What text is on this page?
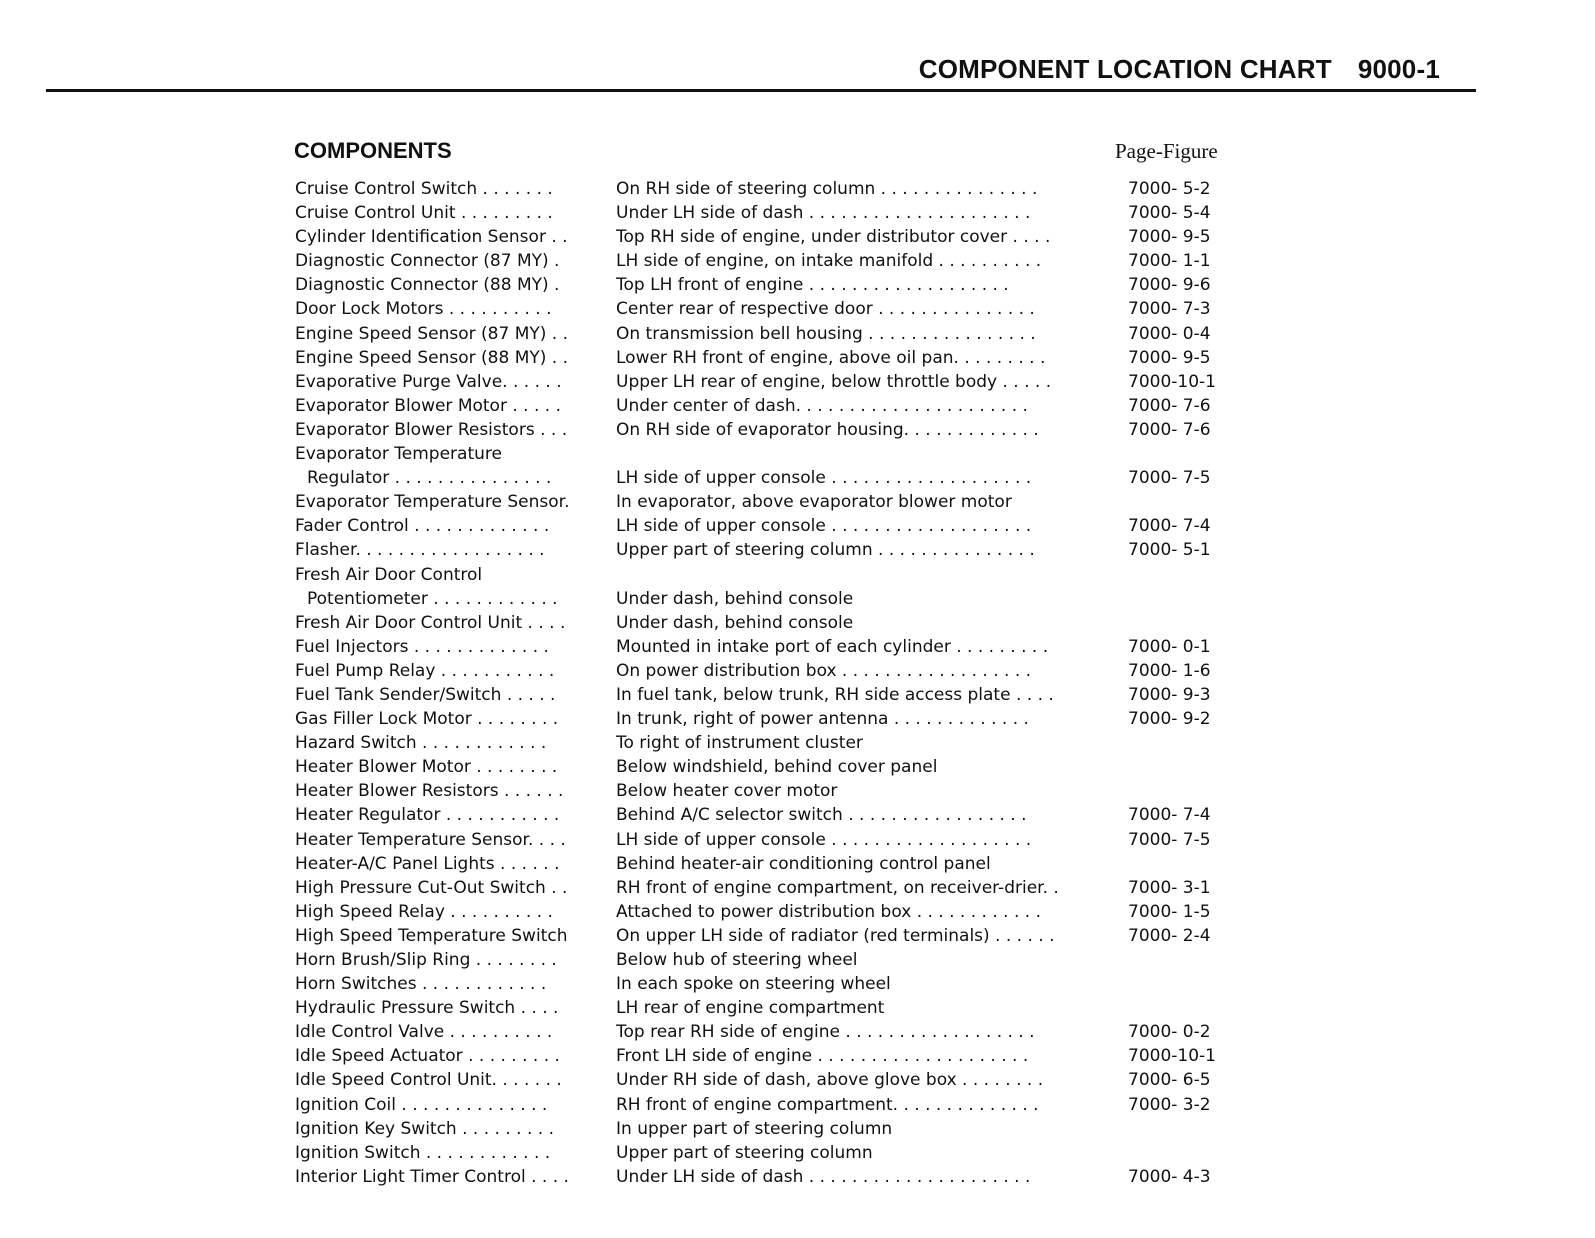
COMPONENT LOCATION CHART 9000-1
COMPONENTS	Page-Figure
Cruise Control Switch . . . . . . .	On RH side of steering column . . . . . . . . . . . . . . .	7000- 5-2
Cruise Control Unit . . . . . . . . .	Under LH side of dash . . . . . . . . . . . . . . . . . . . . .	7000- 5-4
Cylinder Identification Sensor . .	Top RH side of engine, under distributor cover . . . .	7000- 9-5
Diagnostic Connector (87 MY) .	LH side of engine, on intake manifold . . . . . . . . . .	7000- 1-1
Diagnostic Connector (88 MY) .	Top LH front of engine . . . . . . . . . . . . . . . . . . .	7000- 9-6
Door Lock Motors . . . . . . . . . .	Center rear of respective door . . . . . . . . . . . . . . .	7000- 7-3
Engine Speed Sensor (87 MY) . .	On transmission bell housing . . . . . . . . . . . . . . . .	7000- 0-4
Engine Speed Sensor (88 MY) . .	Lower RH front of engine, above oil pan. . . . . . . . .	7000- 9-5
Evaporative Purge Valve. . . . . .	Upper LH rear of engine, below throttle body . . . . .	7000-10-1
Evaporator Blower Motor . . . . .	Under center of dash. . . . . . . . . . . . . . . . . . . . . .	7000- 7-6
Evaporator Blower Resistors . . .	On RH side of evaporator housing. . . . . . . . . . . . .	7000- 7-6
Evaporator Temperature
Regulator . . . . . . . . . . . . . . .	LH side of upper console . . . . . . . . . . . . . . . . . . .	7000- 7-5
Evaporator Temperature Sensor.	In evaporator, above evaporator blower motor
Fader Control . . . . . . . . . . . . .	LH side of upper console . . . . . . . . . . . . . . . . . . .	7000- 7-4
Flasher. . . . . . . . . . . . . . . . . .	Upper part of steering column . . . . . . . . . . . . . . .	7000- 5-1
Fresh Air Door Control
Potentiometer . . . . . . . . . . . .	Under dash, behind console
Fresh Air Door Control Unit . . . .	Under dash, behind console
Fuel Injectors . . . . . . . . . . . . .	Mounted in intake port of each cylinder . . . . . . . . .	7000- 0-1
Fuel Pump Relay . . . . . . . . . . .	On power distribution box . . . . . . . . . . . . . . . . . .	7000- 1-6
Fuel Tank Sender/Switch . . . . .	In fuel tank, below trunk, RH side access plate . . . .	7000- 9-3
Gas Filler Lock Motor . . . . . . . .	In trunk, right of power antenna . . . . . . . . . . . . .	7000- 9-2
Hazard Switch . . . . . . . . . . . .	To right of instrument cluster
Heater Blower Motor . . . . . . . .	Below windshield, behind cover panel
Heater Blower Resistors . . . . . .	Below heater cover motor
Heater Regulator . . . . . . . . . . .	Behind A/C selector switch . . . . . . . . . . . . . . . . .	7000- 7-4
Heater Temperature Sensor. . . .	LH side of upper console . . . . . . . . . . . . . . . . . . .	7000- 7-5
Heater-A/C Panel Lights . . . . . .	Behind heater-air conditioning control panel
High Pressure Cut-Out Switch . .	RH front of engine compartment, on receiver-drier. .	7000- 3-1
High Speed Relay . . . . . . . . . .	Attached to power distribution box . . . . . . . . . . . .	7000- 1-5
High Speed Temperature Switch	On upper LH side of radiator (red terminals) . . . . . .	7000- 2-4
Horn Brush/Slip Ring . . . . . . . .	Below hub of steering wheel
Horn Switches . . . . . . . . . . . .	In each spoke on steering wheel
Hydraulic Pressure Switch . . . .	LH rear of engine compartment
Idle Control Valve . . . . . . . . . .	Top rear RH side of engine . . . . . . . . . . . . . . . . . .	7000- 0-2
Idle Speed Actuator . . . . . . . . .	Front LH side of engine . . . . . . . . . . . . . . . . . . . .	7000-10-1
Idle Speed Control Unit. . . . . . .	Under RH side of dash, above glove box . . . . . . . .	7000- 6-5
Ignition Coil . . . . . . . . . . . . . .	RH front of engine compartment. . . . . . . . . . . . . .	7000- 3-2
Ignition Key Switch . . . . . . . . .	In upper part of steering column
Ignition Switch . . . . . . . . . . . .	Upper part of steering column
Interior Light Timer Control . . . .	Under LH side of dash . . . . . . . . . . . . . . . . . . . . .	7000- 4-3
